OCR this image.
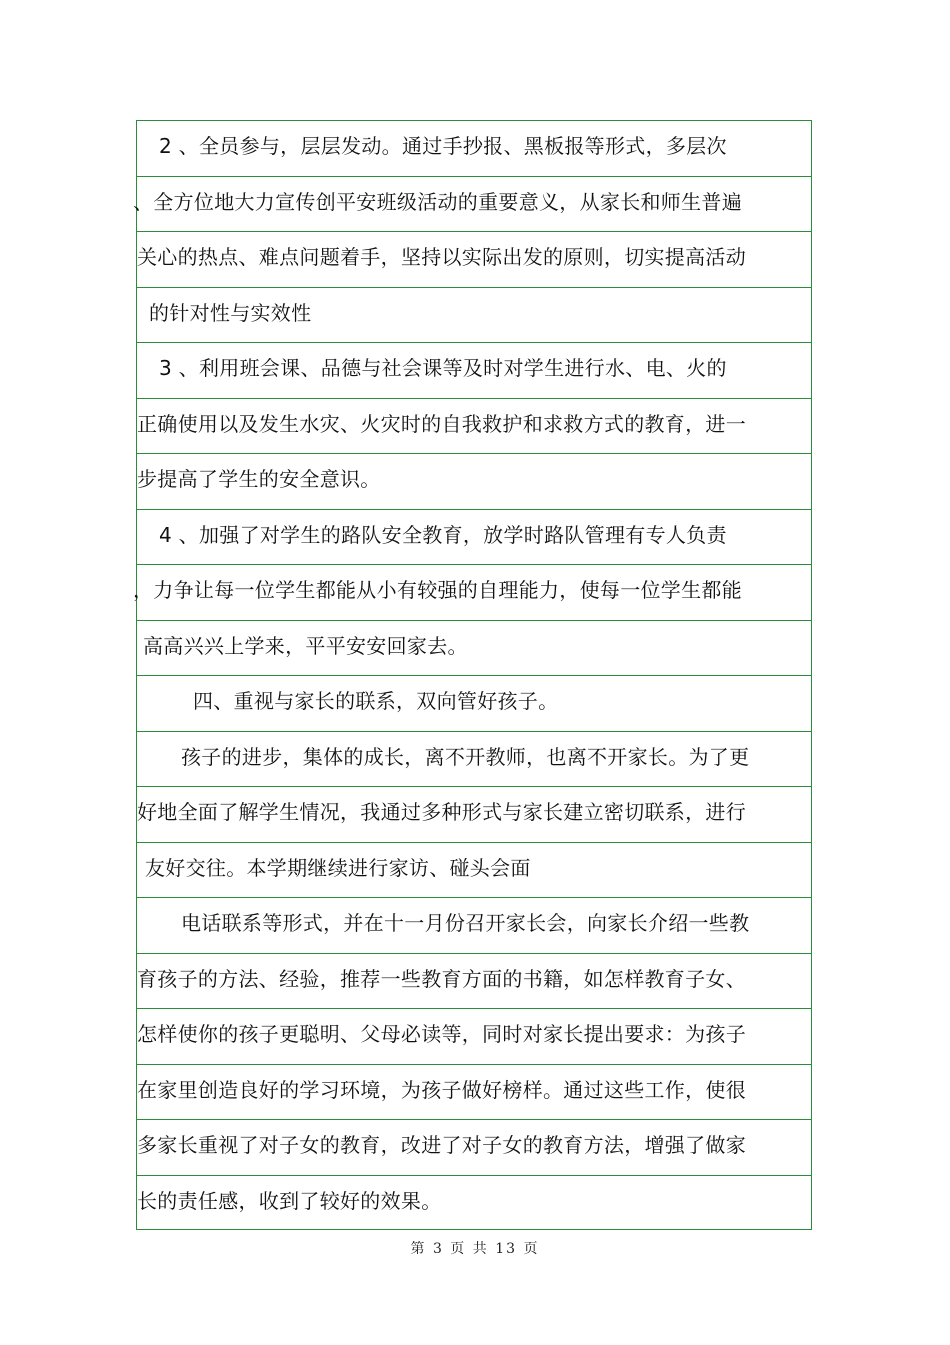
2 、全员参与，层层发动。通过手抄报、黑板报等形式，多层次
、全方位地大力宣传创平安班级活动的重要意义，从家长和师生普遍
关心的热点、难点问题着手，坚持以实际出发的原则，切实提高活动
的针对性与实效性
3 、利用班会课、品德与社会课等及时对学生进行水、电、火的
正确使用以及发生水灾、火灾时的自我救护和求救方式的教育，进一
步提高了学生的安全意识。
4 、加强了对学生的路队安全教育，放学时路队管理有专人负责
，力争让每一位学生都能从小有较强的自理能力，使每一位学生都能
高高兴兴上学来，平平安安回家去。
四、重视与家长的联系，双向管好孩子。
孩子的进步，集体的成长，离不开教师，也离不开家长。为了更
好地全面了解学生情况，我通过多种形式与家长建立密切联系，进行
友好交往。本学期继续进行家访、碰头会面
电话联系等形式，并在十一月份召开家长会，向家长介绍一些教
育孩子的方法、经验，推荐一些教育方面的书籍，如怎样教育子女、
怎样使你的孩子更聪明、父母必读等，同时对家长提出要求：为孩子
在家里创造良好的学习环境，为孩子做好榜样。通过这些工作，使很
多家长重视了对子女的教育，改进了对子女的教育方法，增强了做家
长的责任感，收到了较好的效果。
第 3 页 共 13 页
